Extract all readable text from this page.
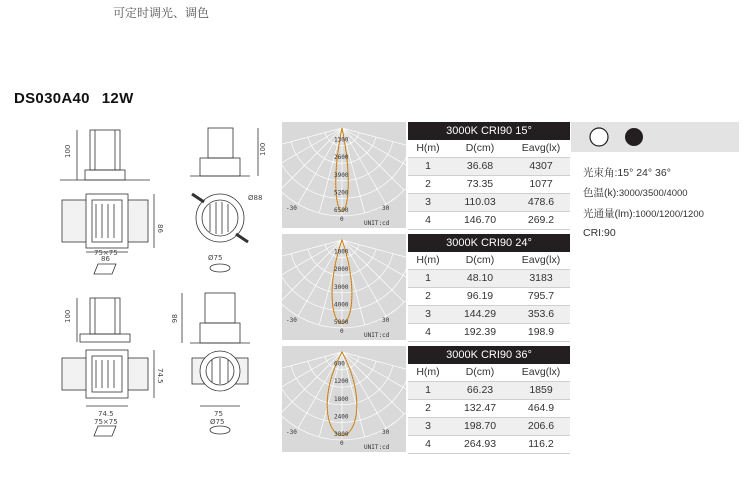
可定时调光、调色
DS030A40 12W
100	100
86
86
Ø88
75×75
Ø75
100	98
74.5
74.5
75
75×75	Ø75
1300
2600
3900
5200
6500
-30	30
0
UNIT:cd
1000
2000
3000
4000
5000
-30	30
0
UNIT:cd
600
1200
1800
2400
3000
-30	30
0
UNIT:cd
3000K CRI90 15°
H(m)	D(cm)	Eavg(lx)
1	36.68	4307
2	73.35	1077
3	110.03	478.6
4	146.70	269.2
3000K CRI90 24°
H(m)	D(cm)	Eavg(lx)
1	48.10	3183
2	96.19	795.7
3	144.29	353.6
4	192.39	198.9
3000K CRI90 36°
H(m)	D(cm)	Eavg(lx)
1	66.23	1859
2	132.47	464.9
3	198.70	206.6
4	264.93	116.2
光束角:15° 24° 36°
色温(k):3000/3500/4000
光通量(lm):1000/1200/1200
CRI:90
